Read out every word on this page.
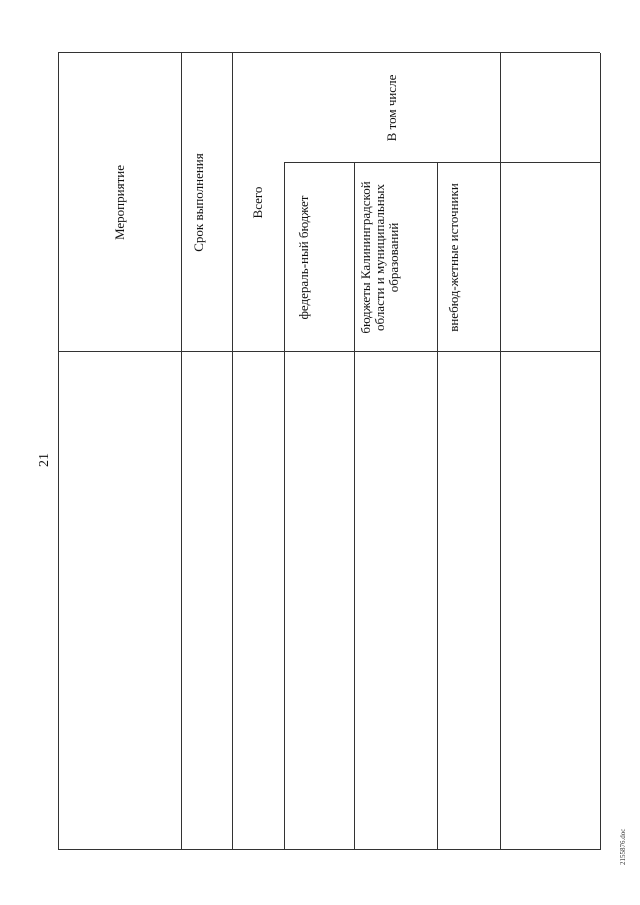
21
2155876.doc
Мероприятие	Срок выполнения	Всего
В том числе
федераль-ный бюджет	бюджеты Калининградской области и муниципальных образований	внебюд-жетные источники
